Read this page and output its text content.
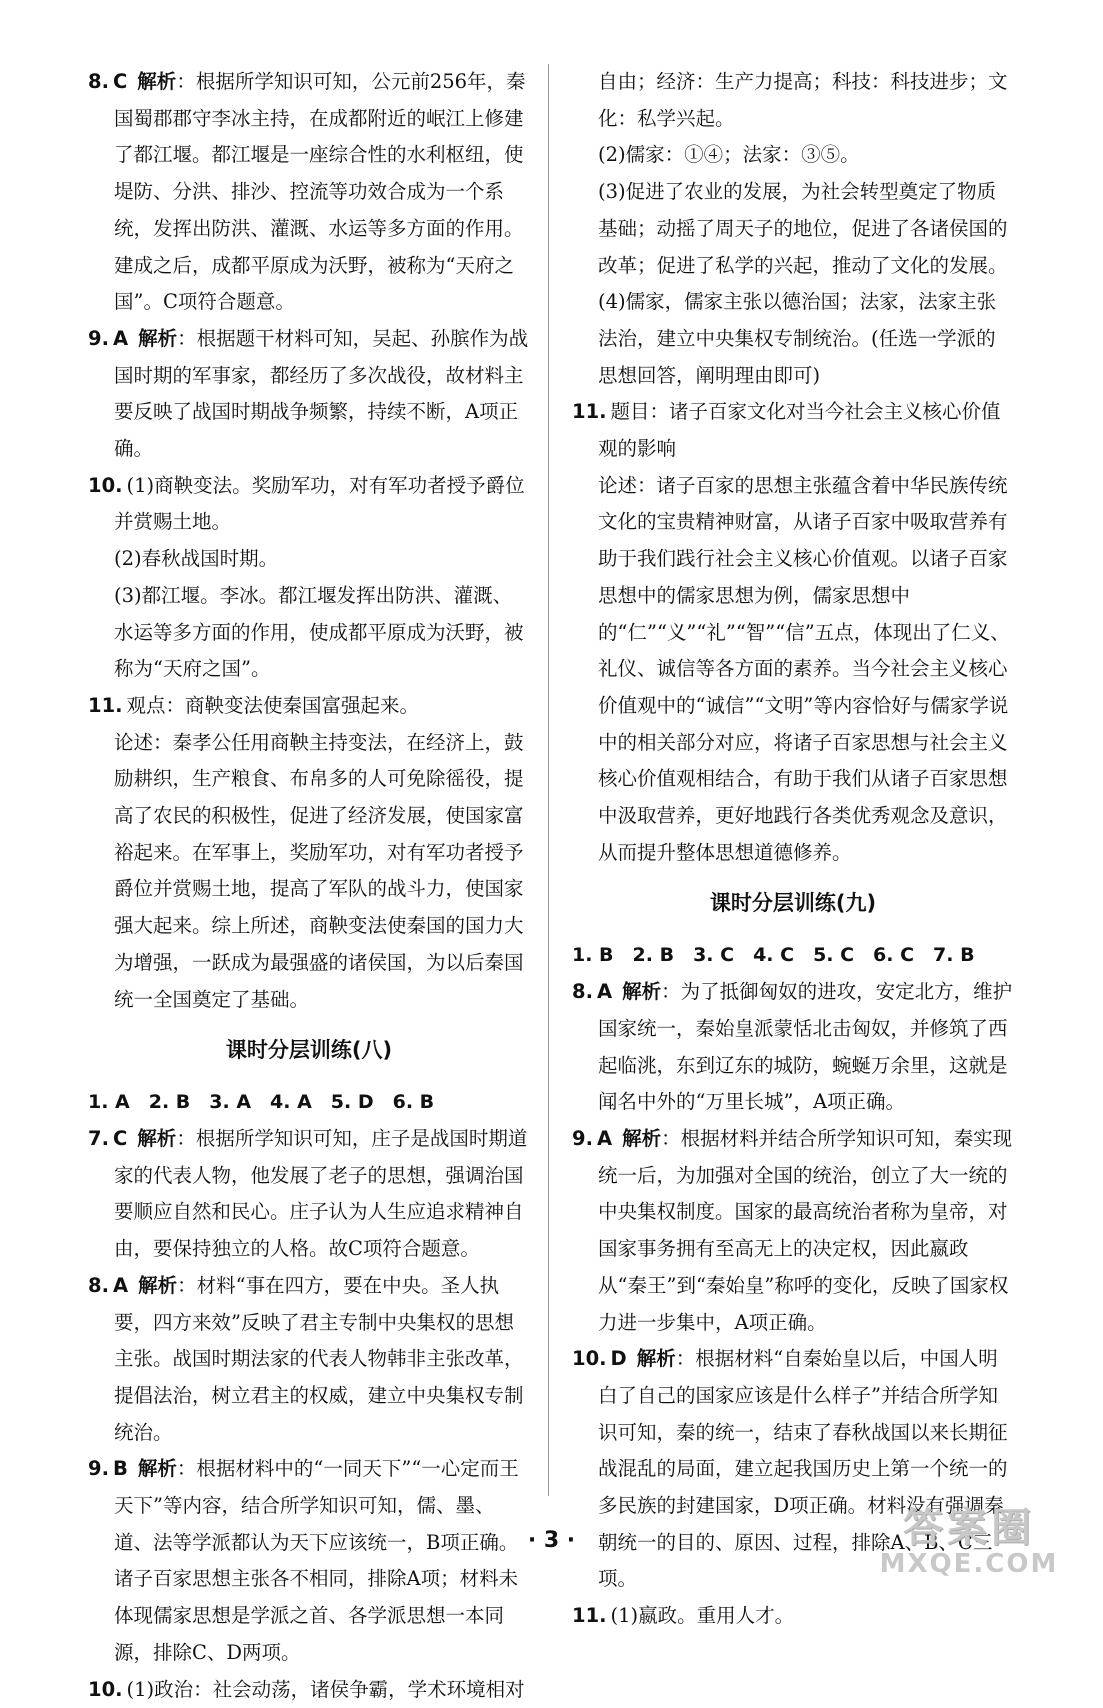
8. C 解析：根据所学知识可知，公元前256年，秦国蜀郡郡守李冰主持，在成都附近的岷江上修建了都江堰。都江堰是一座综合性的水利枢纽，使堤防、分洪、排沙、控流等功效合成为一个系统，发挥出防洪、灌溉、水运等多方面的作用。建成之后，成都平原成为沃野，被称为“天府之国”。C项符合题意。
9. A 解析：根据题干材料可知，吴起、孙膑作为战国时期的军事家，都经历了多次战役，故材料主要反映了战国时期战争频繁，持续不断，A项正确。
10. (1)商鞅变法。奖励军功，对有军功者授予爵位并赏赐土地。
(2)春秋战国时期。
(3)都江堰。李冰。都江堰发挥出防洪、灌溉、水运等多方面的作用，使成都平原成为沃野，被称为“天府之国”。
11. 观点：商鞅变法使秦国富强起来。
论述：秦孝公任用商鞅主持变法，在经济上，鼓励耕织，生产粮食、布帛多的人可免除徭役，提高了农民的积极性，促进了经济发展，使国家富裕起来。在军事上，奖励军功，对有军功者授予爵位并赏赐土地，提高了军队的战斗力，使国家强大起来。综上所述，商鞅变法使秦国的国力大为增强，一跃成为最强盛的诸侯国，为以后秦国统一全国奠定了基础。
课时分层训练(八)
1. A　2. B　3. A　4. A　5. D　6. B
7. C 解析：根据所学知识可知，庄子是战国时期道家的代表人物，他发展了老子的思想，强调治国要顺应自然和民心。庄子认为人生应追求精神自由，要保持独立的人格。故C项符合题意。
8. A 解析：材料“事在四方，要在中央。圣人执要，四方来效”反映了君主专制中央集权的思想主张。战国时期法家的代表人物韩非主张改革，提倡法治，树立君主的权威，建立中央集权专制统治。
9. B 解析：根据材料中的“一同天下”“一心定而王天下”等内容，结合所学知识可知，儒、墨、道、法等学派都认为天下应该统一，B项正确。诸子百家思想主张各不相同，排除A项；材料未体现儒家思想是学派之首、各学派思想一本同源，排除C、D两项。
10. (1)政治：社会动荡，诸侯争霸，学术环境相对
自由；经济：生产力提高；科技：科技进步；文化：私学兴起。
(2)儒家：①④；法家：③⑤。
(3)促进了农业的发展，为社会转型奠定了物质基础；动摇了周天子的地位，促进了各诸侯国的改革；促进了私学的兴起，推动了文化的发展。
(4)儒家，儒家主张以德治国；法家，法家主张法治，建立中央集权专制统治。(任选一学派的思想回答，阐明理由即可)
11. 题目：诸子百家文化对当今社会主义核心价值观的影响
论述：诸子百家的思想主张蕴含着中华民族传统文化的宝贵精神财富，从诸子百家中吸取营养有助于我们践行社会主义核心价值观。以诸子百家思想中的儒家思想为例，儒家思想中的“仁”“义”“礼”“智”“信”五点，体现出了仁义、礼仪、诚信等各方面的素养。当今社会主义核心价值观中的“诚信”“文明”等内容恰好与儒家学说中的相关部分对应，将诸子百家思想与社会主义核心价值观相结合，有助于我们从诸子百家思想中汲取营养，更好地践行各类优秀观念及意识，从而提升整体思想道德修养。
课时分层训练(九)
1. B　2. B　3. C　4. C　5. C　6. C　7. B
8. A 解析：为了抵御匈奴的进攻，安定北方，维护国家统一，秦始皇派蒙恬北击匈奴，并修筑了西起临洮，东到辽东的城防，蜿蜒万余里，这就是闻名中外的“万里长城”，A项正确。
9. A 解析：根据材料并结合所学知识可知，秦实现统一后，为加强对全国的统治，创立了大一统的中央集权制度。国家的最高统治者称为皇帝，对国家事务拥有至高无上的决定权，因此嬴政从“秦王”到“秦始皇”称呼的变化，反映了国家权力进一步集中，A项正确。
10. D 解析：根据材料“自秦始皇以后，中国人明白了自己的国家应该是什么样子”并结合所学知识可知，秦的统一，结束了春秋战国以来长期征战混乱的局面，建立起我国历史上第一个统一的多民族的封建国家，D项正确。材料没有强调秦朝统一的目的、原因、过程，排除A、B、C三项。
11. (1)嬴政。重用人才。
· 3 ·	答案圈
MXQE.COM
